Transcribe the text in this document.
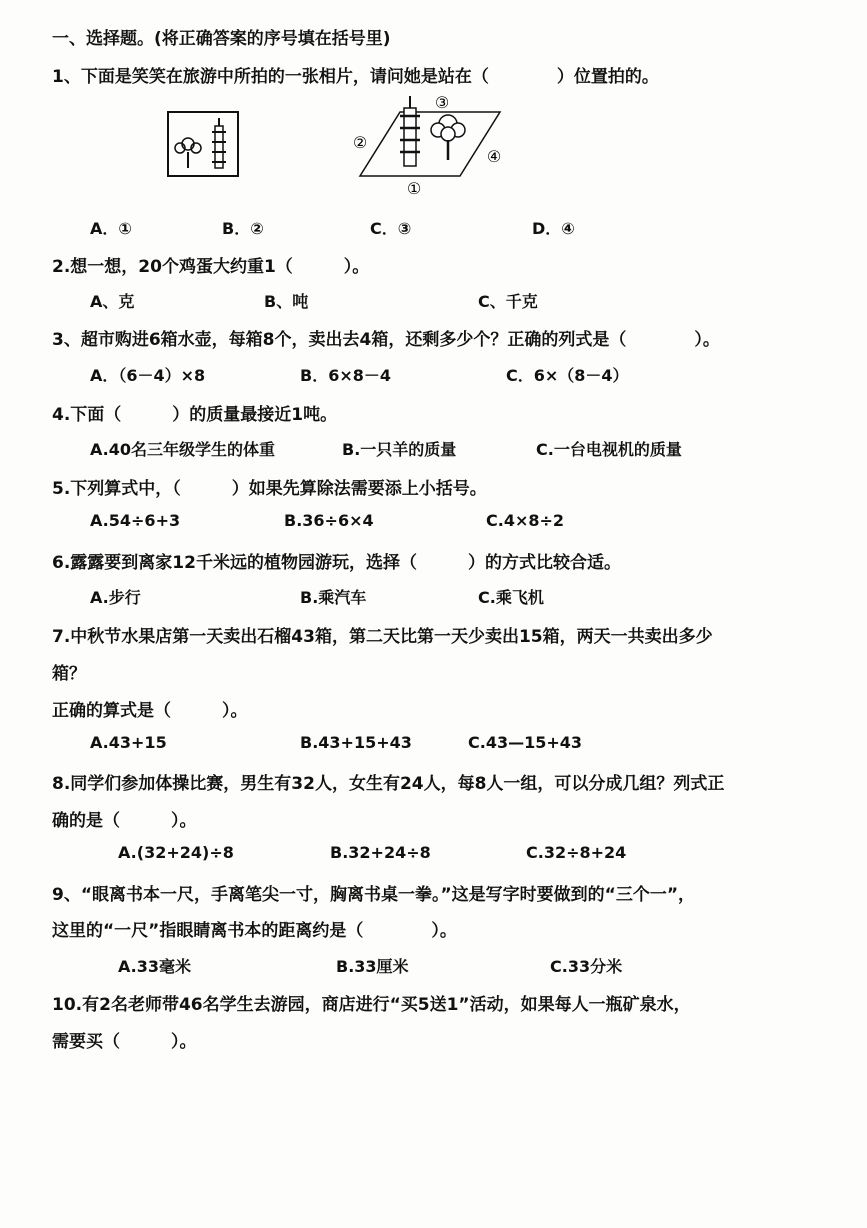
一、选择题。(将正确答案的序号填在括号里)
1、下面是笑笑在旅游中所拍的一张相片，请问她是站在（　　　　）位置拍的。
①
②
③
④
A．①	B．②	C．③	D．④
2.想一想，20个鸡蛋大约重1（　　　）。
A、克	B、吨	C、千克
3、超市购进6箱水壶，每箱8个，卖出去4箱，还剩多少个？正确的列式是（　　　　）。
A．（6－4）×8	B．6×8－4	C．6×（8－4）
4.下面（　　　）的质量最接近1吨。
A.40名三年级学生的体重	B.一只羊的质量	C.一台电视机的质量
5.下列算式中，（　　　）如果先算除法需要添上小括号。
A.54÷6+3	B.36÷6×4	C.4×8÷2
6.露露要到离家12千米远的植物园游玩，选择（　　　）的方式比较合适。
A.步行	B.乘汽车	C.乘飞机
7.中秋节水果店第一天卖出石榴43箱，第二天比第一天少卖出15箱，两天一共卖出多少
箱？
正确的算式是（　　　）。
A.43+15	B.43+15+43	C.43—15+43
8.同学们参加体操比赛，男生有32人，女生有24人，每8人一组，可以分成几组？列式正
确的是（　　　）。
A.(32+24)÷8	B.32+24÷8	C.32÷8+24
9、“眼离书本一尺，手离笔尖一寸，胸离书桌一拳。”这是写字时要做到的“三个一”，
这里的“一尺”指眼睛离书本的距离约是（　　　　）。
A.33毫米	B.33厘米	C.33分米
10.有2名老师带46名学生去游园，商店进行“买5送1”活动，如果每人一瓶矿泉水，
需要买（　　　）。
